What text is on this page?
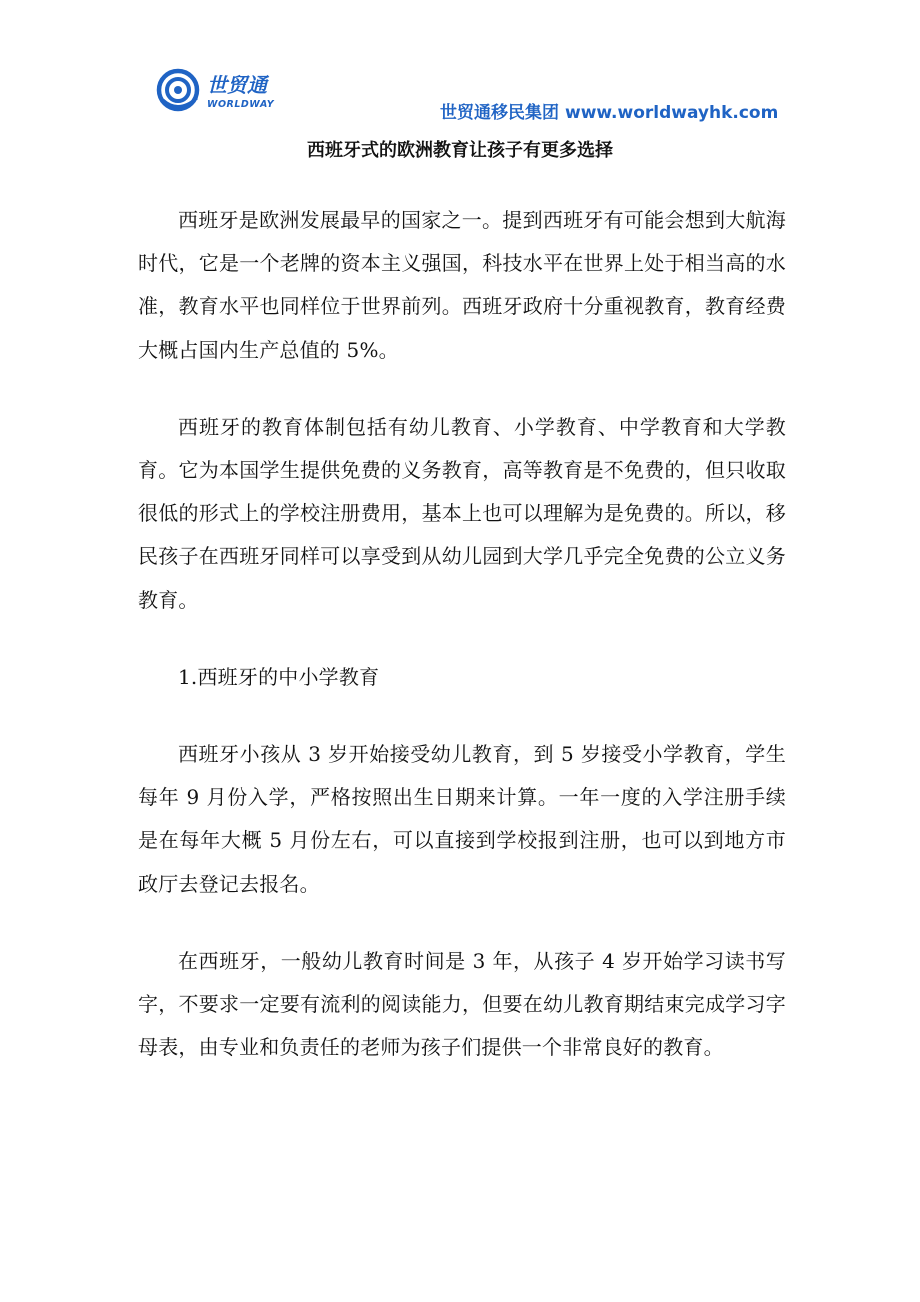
世贸通
WORLDWAY	世贸通移民集团 www.worldwayhk.com
西班牙式的欧洲教育让孩子有更多选择

西班牙是欧洲发展最早的国家之一。提到西班牙有可能会想到大航海时代，它是一个老牌的资本主义强国，科技水平在世界上处于相当高的水准，教育水平也同样位于世界前列。西班牙政府十分重视教育，教育经费大概占国内生产总值的 5%。

西班牙的教育体制包括有幼儿教育、小学教育、中学教育和大学教育。它为本国学生提供免费的义务教育，高等教育是不免费的，但只收取很低的形式上的学校注册费用，基本上也可以理解为是免费的。所以，移民孩子在西班牙同样可以享受到从幼儿园到大学几乎完全免费的公立义务教育。

1.西班牙的中小学教育

西班牙小孩从 3 岁开始接受幼儿教育，到 5 岁接受小学教育，学生每年 9 月份入学，严格按照出生日期来计算。一年一度的入学注册手续是在每年大概 5 月份左右，可以直接到学校报到注册，也可以到地方市政厅去登记去报名。

在西班牙，一般幼儿教育时间是 3 年，从孩子 4 岁开始学习读书写字，不要求一定要有流利的阅读能力，但要在幼儿教育期结束完成学习字母表，由专业和负责任的老师为孩子们提供一个非常良好的教育。
